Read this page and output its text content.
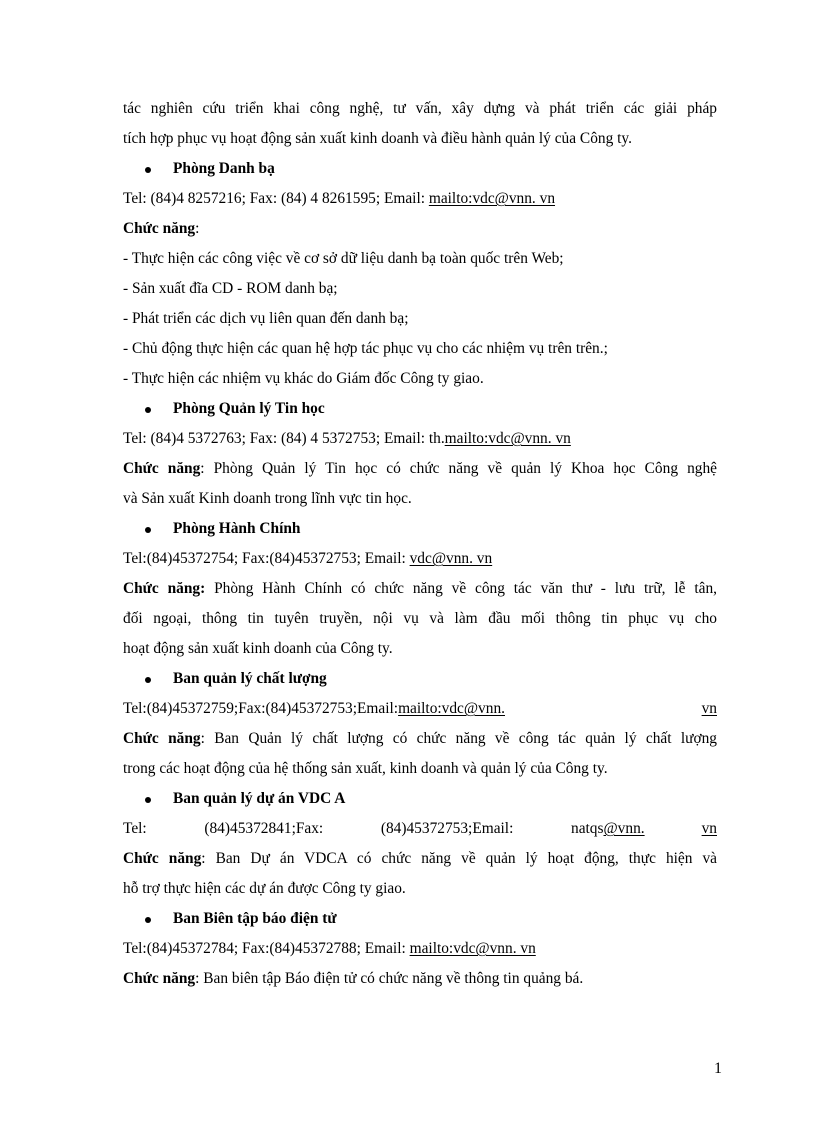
tác nghiên cứu triển khai công nghệ, tư vấn, xây dựng và phát triển các giải pháp
tích hợp phục vụ hoạt động sản xuất kinh doanh và điều hành quản lý của Công ty.
Phòng Danh bạ
Tel: (84)4 8257216; Fax: (84) 4 8261595; Email: mailto:vdc@vnn. vn
Chức năng:
- Thực hiện các công việc về cơ sở dữ liệu danh bạ toàn quốc trên Web;
- Sản xuất đĩa CD - ROM danh bạ;
- Phát triển các dịch vụ liên quan đến danh bạ;
- Chủ động thực hiện các quan hệ hợp tác phục vụ cho các nhiệm vụ trên trên.;
- Thực hiện các nhiệm vụ khác do Giám đốc Công ty giao.
Phòng Quản lý Tin học
Tel: (84)4 5372763; Fax: (84) 4 5372753; Email: th.mailto:vdc@vnn. vn
Chức năng: Phòng Quản lý Tin học có chức năng về quản lý Khoa học Công nghệ
và Sản xuất Kinh doanh trong lĩnh vực tin học.
Phòng Hành Chính
Tel:(84)45372754; Fax:(84)45372753; Email: vdc@vnn. vn
Chức năng: Phòng Hành Chính có chức năng về công tác văn thư - lưu trữ, lễ tân,
đối ngoại, thông tin tuyên truyền, nội vụ và làm đầu mối thông tin phục vụ cho
hoạt động sản xuất kinh doanh của Công ty.
Ban quản lý chất lượng
Tel:(84)45372759;Fax:(84)45372753;Email: mailto:vdc@vnn.	vn
Chức năng: Ban Quản lý chất lượng có chức năng về công tác quản lý chất lượng
trong các hoạt động của hệ thống sản xuất, kinh doanh và quản lý của Công ty.
Ban quản lý dự án VDC A
Tel:	(84)45372841;Fax:	(84)45372753;Email:	natqs @vnn.	vn
Chức năng: Ban Dự án VDCA có chức năng về quản lý hoạt động, thực hiện và
hỗ trợ thực hiện các dự án được Công ty giao.
Ban Biên tập báo điện tử
Tel:(84)45372784; Fax:(84)45372788; Email: mailto:vdc@vnn. vn
Chức năng: Ban biên tập Báo điện tử có chức năng về thông tin quảng bá.
1
